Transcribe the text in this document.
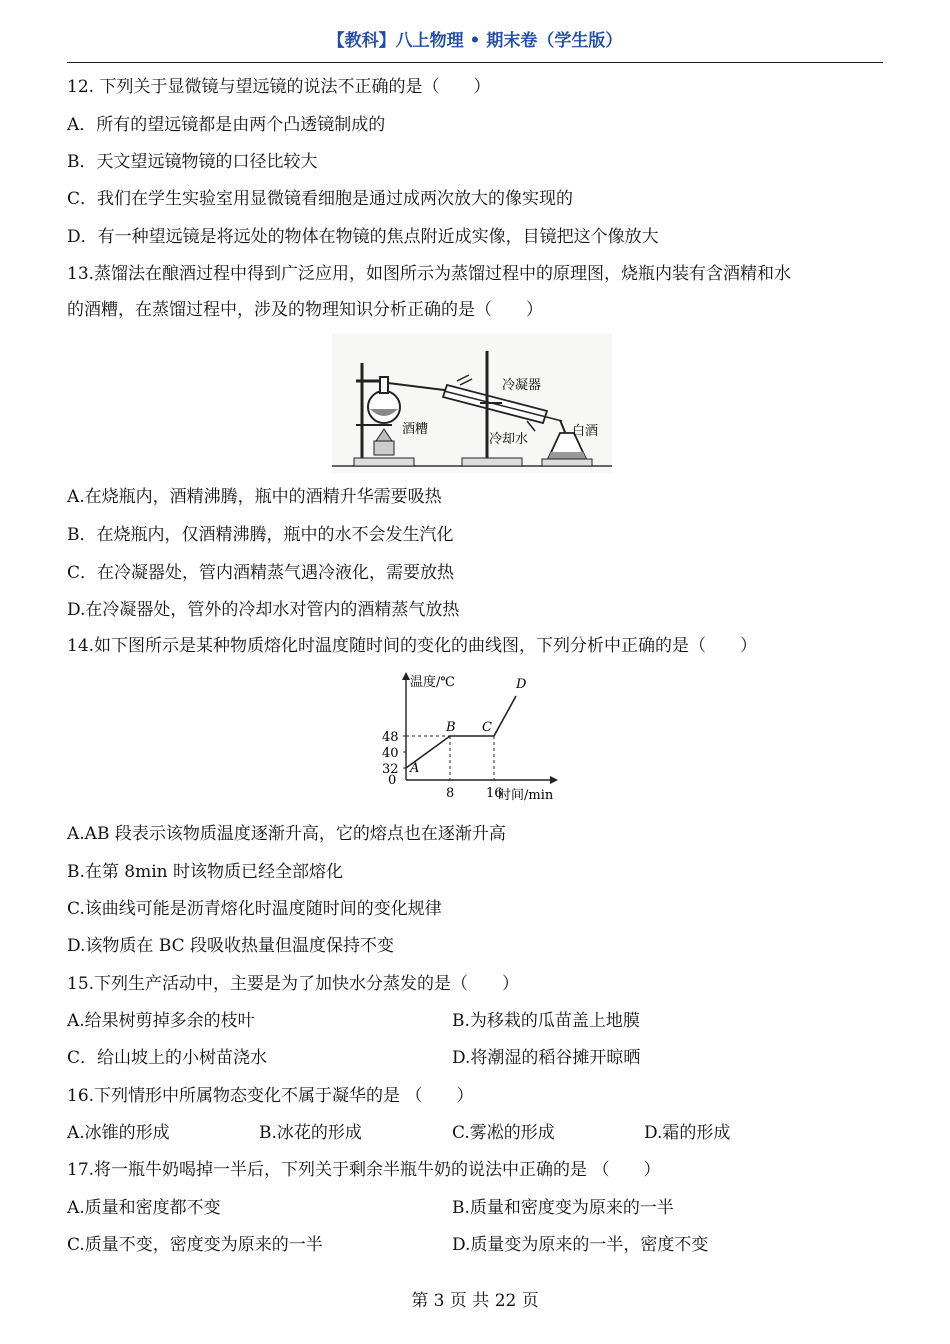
【教科】八上物理 • 期末卷（学生版）
12. 下列关于显微镜与望远镜的说法不正确的是（　　）
A．所有的望远镜都是由两个凸透镜制成的
B．天文望远镜物镜的口径比较大
C．我们在学生实验室用显微镜看细胞是通过成两次放大的像实现的
D．有一种望远镜是将远处的物体在物镜的焦点附近成实像，目镜把这个像放大
13.蒸馏法在酿酒过程中得到广泛应用，如图所示为蒸馏过程中的原理图，烧瓶内装有含酒精和水
的酒糟，在蒸馏过程中，涉及的物理知识分析正确的是（　　）
冷凝器
酒糟
冷却水
白酒
A.在烧瓶内，酒精沸腾，瓶中的酒精升华需要吸热
B．在烧瓶内，仅酒精沸腾，瓶中的水不会发生汽化
C．在冷凝器处，管内酒精蒸气遇冷液化，需要放热
D.在冷凝器处，管外的冷却水对管内的酒精蒸气放热
14.如下图所示是某种物质熔化时温度随时间的变化的曲线图，下列分析中正确的是（　　）
温度/℃
时间/min
0
32
40
48
8 16
A
B C
D
A.AB 段表示该物质温度逐渐升高，它的熔点也在逐渐升高
B.在第 8min 时该物质已经全部熔化
C.该曲线可能是沥青熔化时温度随时间的变化规律
D.该物质在 BC 段吸收热量但温度保持不变
15.下列生产活动中，主要是为了加快水分蒸发的是（　　）
A.给果树剪掉多余的枝叶	B.为移栽的瓜苗盖上地膜
C．给山坡上的小树苗浇水	D.将潮湿的稻谷摊开晾晒
16.下列情形中所属物态变化不属于凝华的是 （　　）
A.冰锥的形成	B.冰花的形成	C.雾凇的形成	D.霜的形成
17.将一瓶牛奶喝掉一半后，下列关于剩余半瓶牛奶的说法中正确的是 （　　）
A.质量和密度都不变	B.质量和密度变为原来的一半
C.质量不变，密度变为原来的一半	D.质量变为原来的一半，密度不变
第 3 页 共 22 页
